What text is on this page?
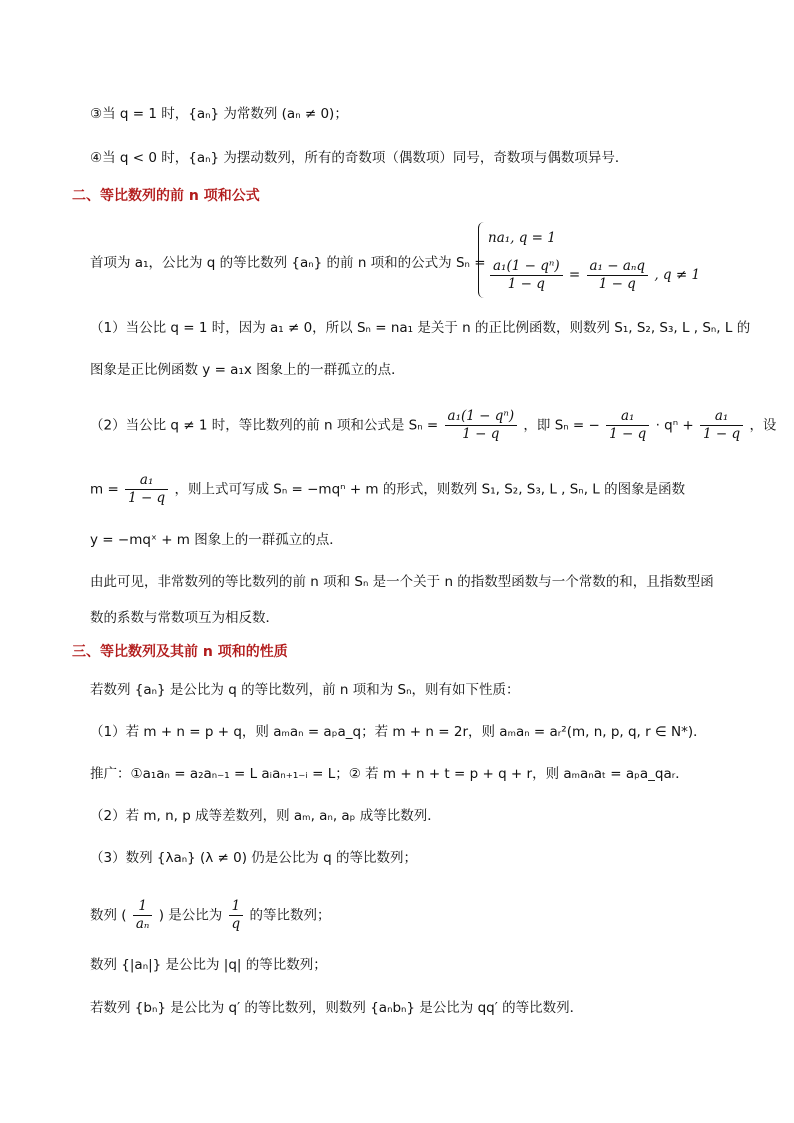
③当 q = 1 时，{aₙ} 为常数列 (aₙ ≠ 0)；
④当 q < 0 时，{aₙ} 为摆动数列，所有的奇数项（偶数项）同号，奇数项与偶数项异号．
二、等比数列的前 n 项和公式
首项为 a₁，公比为 q 的等比数列 {aₙ} 的前 n 项和的公式为 Sₙ =
na₁, q = 1
$\frac{\text{a₁(1 − qⁿ)}}{1 - q} = \frac{\text{a₁ − aₙq}}{1 - q}$ , q ≠ 1
（1）当公比 q = 1 时，因为 a₁ ≠ 0，所以 Sₙ = na₁ 是关于 n 的正比例函数，则数列 S₁, S₂, S₃, L , Sₙ, L 的
图象是正比例函数 y = a₁x 图象上的一群孤立的点．
（2）当公比 q ≠ 1 时，等比数列的前 n 项和公式是 $S_n = \frac{\text{a₁(1 − qⁿ)}}{1 - q}$ ，即 Sₙ = − $\frac{\text{a₁}}{1 - q} \cdot q^n + \frac{\text{a₁}}{1 - q}$ ，设
$m = \frac{\text{a₁}}{1 - q}$ ，则上式可写成 Sₙ = −mqⁿ + m 的形式，则数列 S₁, S₂, S₃, L , Sₙ, L 的图象是函数
y = −mqˣ + m 图象上的一群孤立的点．
由此可见，非常数列的等比数列的前 n 项和 Sₙ 是一个关于 n 的指数型函数与一个常数的和，且指数型函
数的系数与常数项互为相反数．
三、等比数列及其前 n 项和的性质
若数列 {aₙ} 是公比为 q 的等比数列，前 n 项和为 Sₙ，则有如下性质：
（1）若 m + n = p + q，则 aₘaₙ = aₚa_q；若 m + n = 2r，则 aₘaₙ = aᵣ²(m, n, p, q, r ∈ N*)．
推广：①a₁aₙ = a₂aₙ₋₁ = L aᵢaₙ₊₁₋ᵢ = L；② 若 m + n + t = p + q + r，则 aₘaₙaₜ = aₚa_qaᵣ．
（2）若 m, n, p 成等差数列，则 aₘ, aₙ, aₚ 成等比数列．
（3）数列 {λaₙ} (λ ≠ 0) 仍是公比为 q 的等比数列；
数列 ( $\frac{1}{\text{aₙ}}$ ) 是公比为 $\frac{1}{q}$ 的等比数列；
数列 {|aₙ|} 是公比为 |q| 的等比数列；
若数列 {bₙ} 是公比为 q′ 的等比数列，则数列 {aₙbₙ} 是公比为 qq′ 的等比数列．
